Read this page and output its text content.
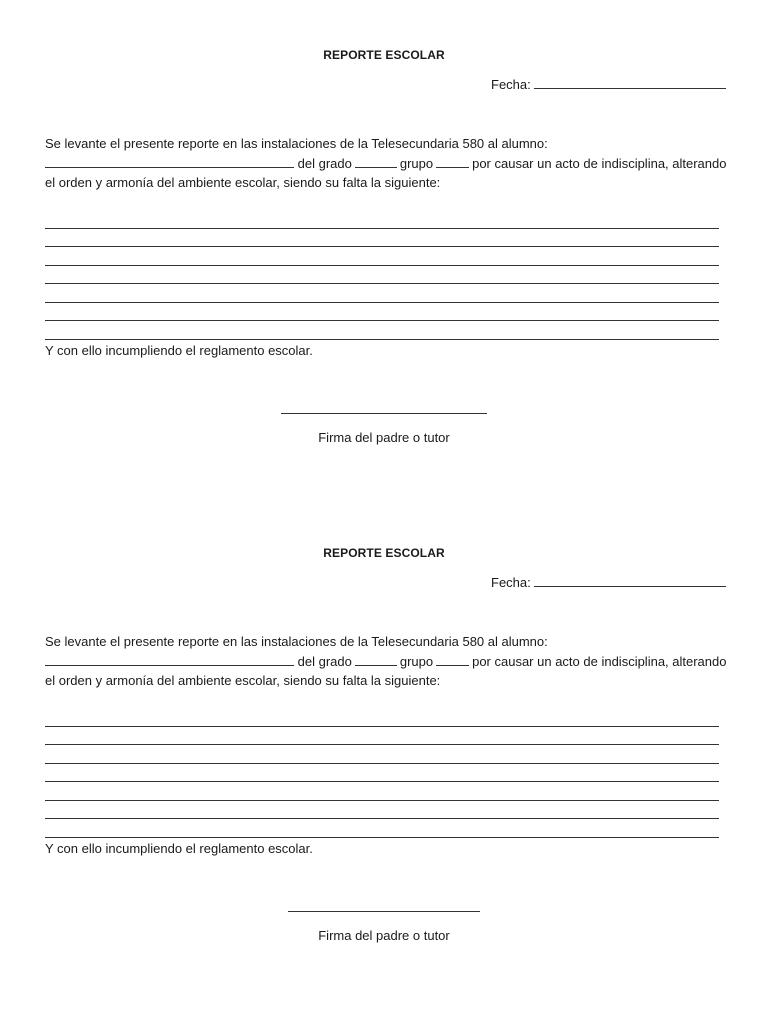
REPORTE ESCOLAR
Fecha:
Se levante el presente reporte en las instalaciones de la Telesecundaria 580 al alumno:
del grado	grupo	por causar un acto de indisciplina, alterando
el orden y armonía del ambiente escolar, siendo su falta la siguiente:
Y con ello incumpliendo el reglamento escolar.
Firma del padre o tutor
REPORTE ESCOLAR
Fecha:
Se levante el presente reporte en las instalaciones de la Telesecundaria 580 al alumno:
del grado	grupo	por causar un acto de indisciplina, alterando
el orden y armonía del ambiente escolar, siendo su falta la siguiente:
Y con ello incumpliendo el reglamento escolar.
Firma del padre o tutor
